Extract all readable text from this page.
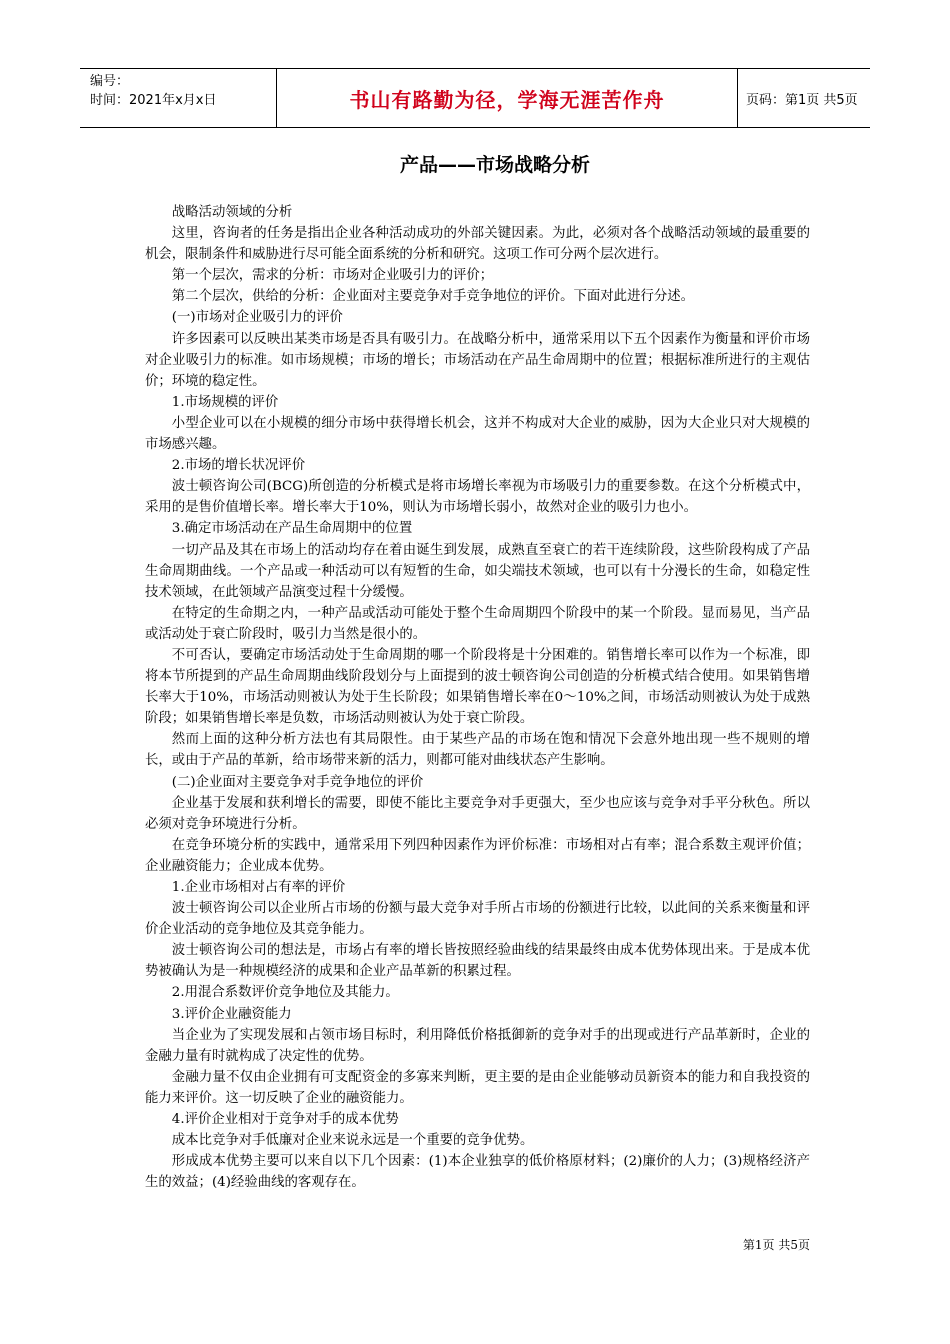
编号：
时间：2021年x月x日	书山有路勤为径，学海无涯苦作舟	页码：第1页 共5页
产品——市场战略分析

战略活动领域的分析

这里，咨询者的任务是指出企业各种活动成功的外部关键因素。为此，必须对各个战略活动领域的最重要的机会，限制条件和威胁进行尽可能全面系统的分析和研究。这项工作可分两个层次进行。

第一个层次，需求的分析：市场对企业吸引力的评价；

第二个层次，供给的分析：企业面对主要竞争对手竞争地位的评价。下面对此进行分述。

(一)市场对企业吸引力的评价

许多因素可以反映出某类市场是否具有吸引力。在战略分析中，通常采用以下五个因素作为衡量和评价市场对企业吸引力的标准。如市场规模；市场的增长；市场活动在产品生命周期中的位置；根据标准所进行的主观估价；环境的稳定性。

1.市场规模的评价

小型企业可以在小规模的细分市场中获得增长机会，这并不构成对大企业的威胁，因为大企业只对大规模的市场感兴趣。

2.市场的增长状况评价

波士顿咨询公司(BCG)所创造的分析模式是将市场增长率视为市场吸引力的重要参数。在这个分析模式中，采用的是售价值增长率。增长率大于10%，则认为市场增长弱小，故然对企业的吸引力也小。

3.确定市场活动在产品生命周期中的位置

一切产品及其在市场上的活动均存在着由诞生到发展，成熟直至衰亡的若干连续阶段，这些阶段构成了产品生命周期曲线。一个产品或一种活动可以有短暂的生命，如尖端技术领域，也可以有十分漫长的生命，如稳定性技术领域，在此领域产品演变过程十分缓慢。

在特定的生命期之内，一种产品或活动可能处于整个生命周期四个阶段中的某一个阶段。显而易见，当产品或活动处于衰亡阶段时，吸引力当然是很小的。

不可否认，要确定市场活动处于生命周期的哪一个阶段将是十分困难的。销售增长率可以作为一个标准，即将本节所提到的产品生命周期曲线阶段划分与上面提到的波士顿咨询公司创造的分析模式结合使用。如果销售增长率大于10%，市场活动则被认为处于生长阶段；如果销售增长率在0～10%之间，市场活动则被认为处于成熟阶段；如果销售增长率是负数，市场活动则被认为处于衰亡阶段。

然而上面的这种分析方法也有其局限性。由于某些产品的市场在饱和情况下会意外地出现一些不规则的增长，或由于产品的革新，给市场带来新的活力，则都可能对曲线状态产生影响。

(二)企业面对主要竞争对手竞争地位的评价

企业基于发展和获利增长的需要，即使不能比主要竞争对手更强大，至少也应该与竞争对手平分秋色。所以必须对竞争环境进行分析。

在竞争环境分析的实践中，通常采用下列四种因素作为评价标准：市场相对占有率；混合系数主观评价值；企业融资能力；企业成本优势。

1.企业市场相对占有率的评价

波士顿咨询公司以企业所占市场的份额与最大竞争对手所占市场的份额进行比较，以此间的关系来衡量和评价企业活动的竞争地位及其竞争能力。

波士顿咨询公司的想法是，市场占有率的增长皆按照经验曲线的结果最终由成本优势体现出来。于是成本优势被确认为是一种规模经济的成果和企业产品革新的积累过程。

2.用混合系数评价竞争地位及其能力。

3.评价企业融资能力

当企业为了实现发展和占领市场目标时，利用降低价格抵御新的竞争对手的出现或进行产品革新时，企业的金融力量有时就构成了决定性的优势。

金融力量不仅由企业拥有可支配资金的多寡来判断，更主要的是由企业能够动员新资本的能力和自我投资的能力来评价。这一切反映了企业的融资能力。

4.评价企业相对于竞争对手的成本优势

成本比竞争对手低廉对企业来说永远是一个重要的竞争优势。

形成成本优势主要可以来自以下几个因素：(1)本企业独享的低价格原材料；(2)廉价的人力；(3)规格经济产生的效益；(4)经验曲线的客观存在。

第1页 共5页
